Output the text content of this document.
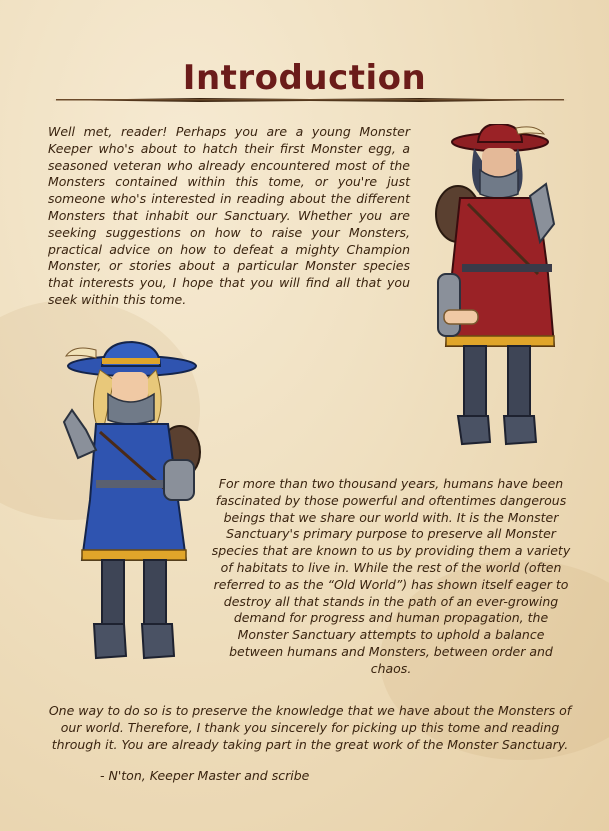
Introduction

Well met, reader! Perhaps you are a young Monster Keeper who's about to hatch their first Monster egg, a seasoned veteran who already encountered most of the Monsters contained within this tome, or you're just someone who's interested in reading about the different Monsters that inhabit our Sanctuary. Whether you are seeking suggestions on how to raise your Monsters, practical advice on how to defeat a mighty Champion Monster, or stories about a particular Monster species that interests you, I hope that you will find all that you seek within this tome.

For more than two thousand years, humans have been fascinated by those powerful and oftentimes dangerous beings that we share our world with. It is the Monster Sanctuary's primary purpose to preserve all Monster species that are known to us by providing them a variety of habitats to live in. While the rest of the world (often referred to as the “Old World”) has shown itself eager to destroy all that stands in the path of an ever-growing demand for progress and human propagation, the Monster Sanctuary attempts to uphold a balance between humans and Monsters, between order and chaos.

One way to do so is to preserve the knowledge that we have about the Monsters of our world. Therefore, I thank you sincerely for picking up this tome and reading through it. You are already taking part in the great work of the Monster Sanctuary.

- N'ton, Keeper Master and scribe
